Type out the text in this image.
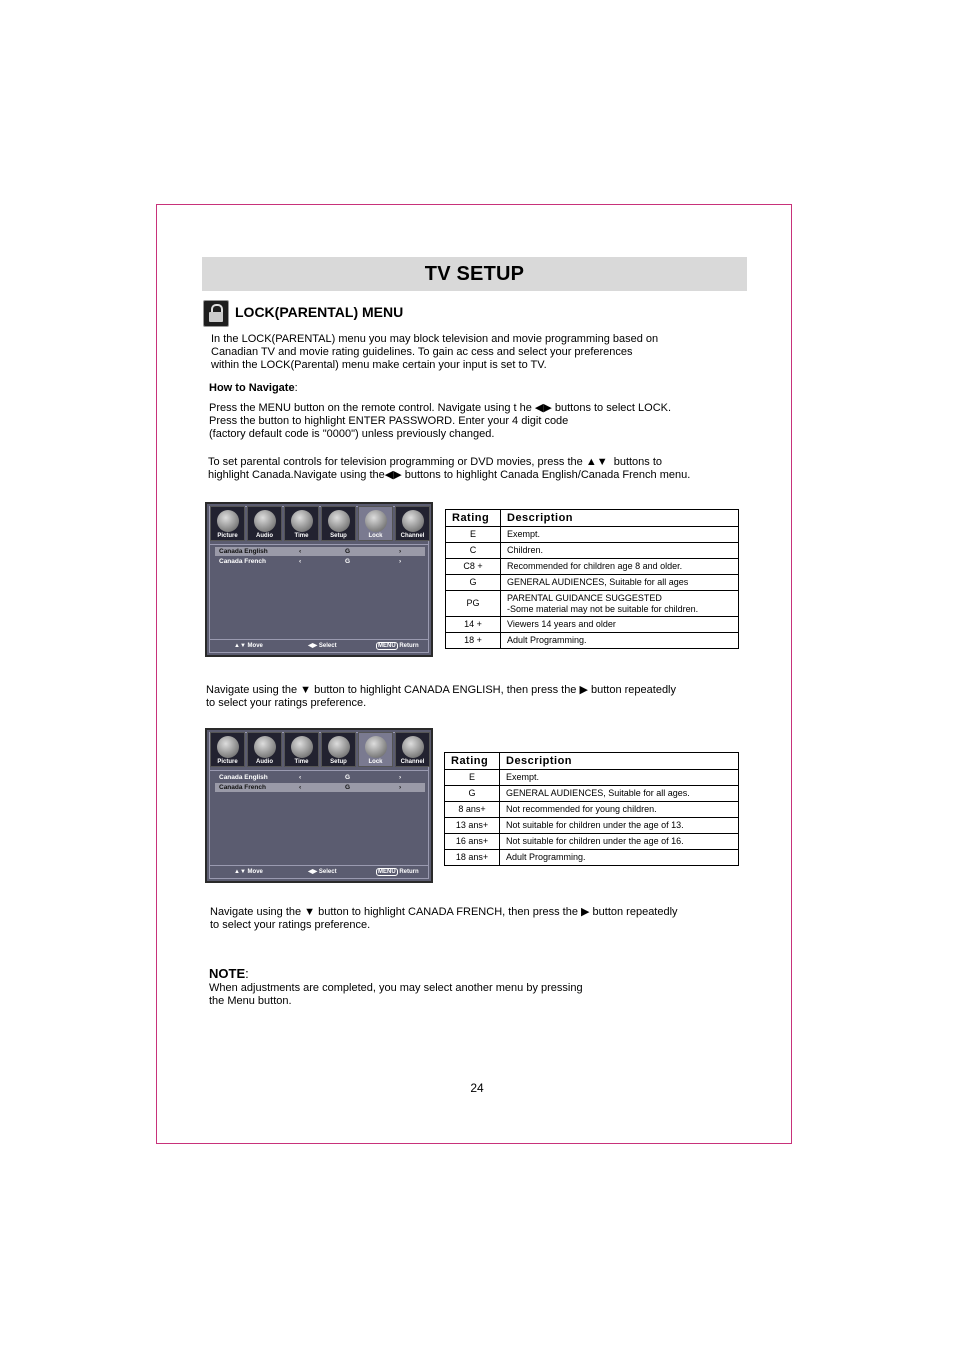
TV SETUP
LOCK(PARENTAL) MENU
In the LOCK(PARENTAL) menu you may block television and movie programming based on
Canadian TV and movie rating guidelines. To gain ac cess and select your preferences
within the LOCK(Parental) menu make certain your input is set to TV.
How to Navigate:
Press the MENU button on the remote control. Navigate using t he ◀▶ buttons to select LOCK.
Press the button to highlight ENTER PASSWORD. Enter your 4 digit code
(factory default code is "0000") unless previously changed.
To set parental controls for television programming or DVD movies, press the ▲▼  buttons to
highlight Canada.Navigate using the◀▶ buttons to highlight Canada English/Canada French menu.
Picture	Audio	Time	Setup	Lock	Channel
Canada English	‹	G	›
Canada French	‹	G	›
▲▼ Move	◀▶ Select	MENU Return
Rating	Description
E	Exempt.
C	Children.
C8 +	Recommended for children age 8 and older.
G	GENERAL AUDIENCES, Suitable for all ages
PG	PARENTAL GUIDANCE SUGGESTED
-Some material may not be suitable for children.
14 +	Viewers 14 years and older
18 +	Adult Programming.
Navigate using the ▼ button to highlight CANADA ENGLISH, then press the ▶ button repeatedly
to select your ratings preference.
Picture	Audio	Time	Setup	Lock	Channel
Canada English	‹	G	›
Canada French	‹	G	›
▲▼ Move	◀▶ Select	MENU Return
Rating	Description
E	Exempt.
G	GENERAL AUDIENCES, Suitable for all ages.
8 ans+	Not recommended for young children.
13 ans+	Not suitable for children under the age of 13.
16 ans+	Not suitable for children under the age of 16.
18 ans+	Adult Programming.
Navigate using the ▼ button to highlight CANADA FRENCH, then press the ▶ button repeatedly
to select your ratings preference.
NOTE:
When adjustments are completed, you may select another menu by pressing
the Menu button.
24
